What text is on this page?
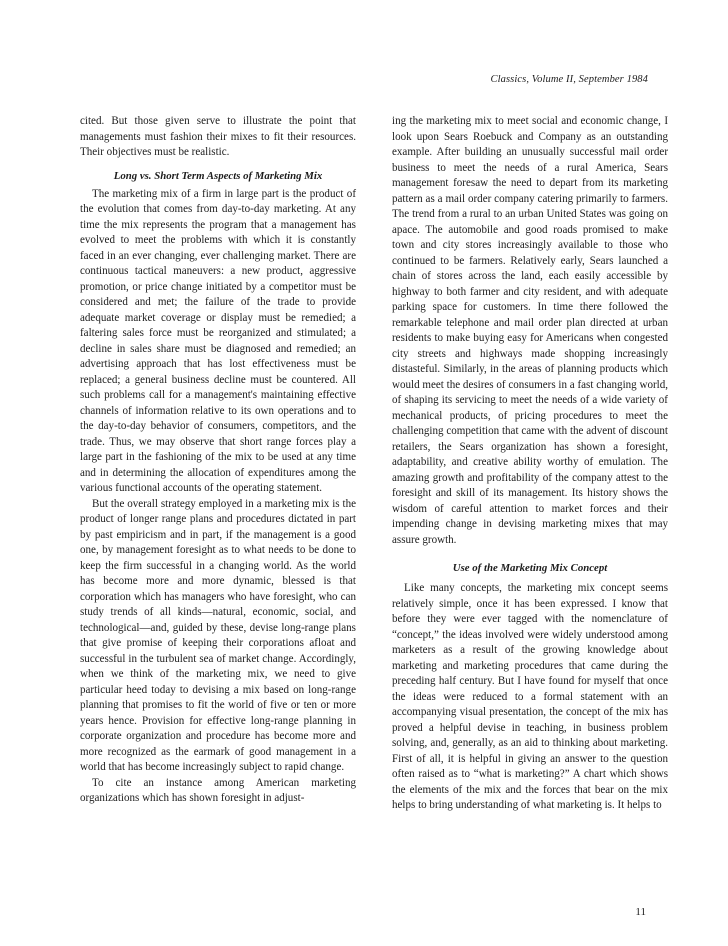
Classics, Volume II, September 1984

cited. But those given serve to illustrate the point that managements must fashion their mixes to fit their resources. Their objectives must be realistic.

Long vs. Short Term Aspects of Marketing Mix

The marketing mix of a firm in large part is the product of the evolution that comes from day-to-day marketing. At any time the mix represents the program that a management has evolved to meet the problems with which it is constantly faced in an ever changing, ever challenging market. There are continuous tactical maneuvers: a new product, aggressive promotion, or price change initiated by a competitor must be considered and met; the failure of the trade to provide adequate market coverage or display must be remedied; a faltering sales force must be reorganized and stimulated; a decline in sales share must be diagnosed and remedied; an advertising approach that has lost effectiveness must be replaced; a general business decline must be countered. All such problems call for a management's maintaining effective channels of information relative to its own operations and to the day-to-day behavior of consumers, competitors, and the trade. Thus, we may observe that short range forces play a large part in the fashioning of the mix to be used at any time and in determining the allocation of expenditures among the various functional accounts of the operating statement.

But the overall strategy employed in a marketing mix is the product of longer range plans and procedures dictated in part by past empiricism and in part, if the management is a good one, by management foresight as to what needs to be done to keep the firm successful in a changing world. As the world has become more and more dynamic, blessed is that corporation which has managers who have foresight, who can study trends of all kinds—natural, economic, social, and technological—and, guided by these, devise long-range plans that give promise of keeping their corporations afloat and successful in the turbulent sea of market change. Accordingly, when we think of the marketing mix, we need to give particular heed today to devising a mix based on long-range planning that promises to fit the world of five or ten or more years hence. Provision for effective long-range planning in corporate organization and procedure has become more and more recognized as the earmark of good management in a world that has become increasingly subject to rapid change.

To cite an instance among American marketing organizations which has shown foresight in adjust-

ing the marketing mix to meet social and economic change, I look upon Sears Roebuck and Company as an outstanding example. After building an unusually successful mail order business to meet the needs of a rural America, Sears management foresaw the need to depart from its marketing pattern as a mail order company catering primarily to farmers. The trend from a rural to an urban United States was going on apace. The automobile and good roads promised to make town and city stores increasingly available to those who continued to be farmers. Relatively early, Sears launched a chain of stores across the land, each easily accessible by highway to both farmer and city resident, and with adequate parking space for customers. In time there followed the remarkable telephone and mail order plan directed at urban residents to make buying easy for Americans when congested city streets and highways made shopping increasingly distasteful. Similarly, in the areas of planning products which would meet the desires of consumers in a fast changing world, of shaping its servicing to meet the needs of a wide variety of mechanical products, of pricing procedures to meet the challenging competition that came with the advent of discount retailers, the Sears organization has shown a foresight, adaptability, and creative ability worthy of emulation. The amazing growth and profitability of the company attest to the foresight and skill of its management. Its history shows the wisdom of careful attention to market forces and their impending change in devising marketing mixes that may assure growth.

Use of the Marketing Mix Concept

Like many concepts, the marketing mix concept seems relatively simple, once it has been expressed. I know that before they were ever tagged with the nomenclature of “concept,” the ideas involved were widely understood among marketers as a result of the growing knowledge about marketing and marketing procedures that came during the preceding half century. But I have found for myself that once the ideas were reduced to a formal statement with an accompanying visual presentation, the concept of the mix has proved a helpful devise in teaching, in business problem solving, and, generally, as an aid to thinking about marketing. First of all, it is helpful in giving an answer to the question often raised as to “what is marketing?” A chart which shows the elements of the mix and the forces that bear on the mix helps to bring understanding of what marketing is. It helps to

11
